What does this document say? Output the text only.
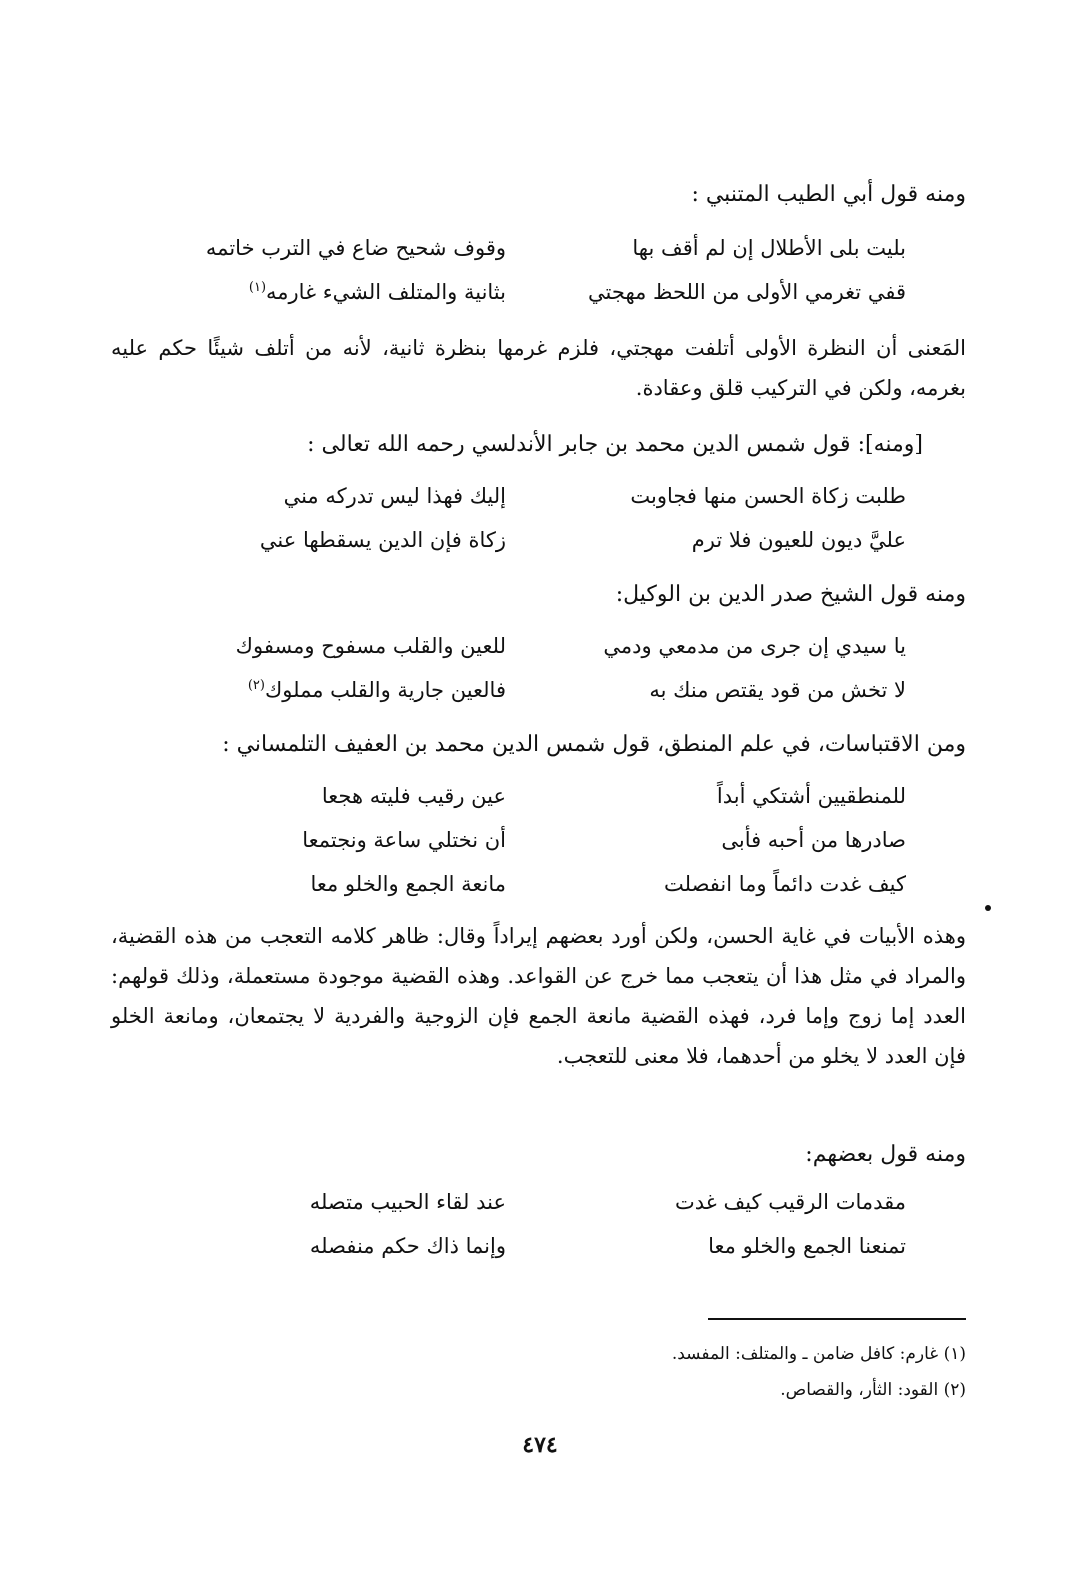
ومنه قول أبي الطيب المتنبي :
بليت بلى الأطلال إن لم أقف بها
وقوف شحيح ضاع في الترب خاتمه
قفي تغرمي الأولى من اللحظ مهجتي
بثانية والمتلف الشيء غارمه$^{(١)}$
المَعنى أن النظرة الأولى أتلفت مهجتي، فلزم غرمها بنظرة ثانية، لأنه من أتلف شيئًا حكم عليه بغرمه، ولكن في التركيب قلق وعقادة.
[ومنه]: قول شمس الدين محمد بن جابر الأندلسي رحمه الله تعالى :
طلبت زكاة الحسن منها فجاوبت
إليك فهذا ليس تدركه مني
عليَّ ديون للعيون فلا ترم
زكاة فإن الدين يسقطها عني
ومنه قول الشيخ صدر الدين بن الوكيل:
يا سيدي إن جرى من مدمعي ودمي
للعين والقلب مسفوح ومسفوك
لا تخش من قود يقتص منك به
فالعين جارية والقلب مملوك$^{(٢)}$
ومن الاقتباسات، في علم المنطق، قول شمس الدين محمد بن العفيف التلمساني :
للمنطقيين أشتكي أبداً
عين رقيب فليته هجعا
صادرها من أحبه فأبى
أن نختلي ساعة ونجتمعا
كيف غدت دائماً وما انفصلت
مانعة الجمع والخلو معا
وهذه الأبيات في غاية الحسن، ولكن أورد بعضهم إيراداً وقال: ظاهر كلامه التعجب من هذه القضية، والمراد في مثل هذا أن يتعجب مما خرج عن القواعد. وهذه القضية موجودة مستعملة، وذلك قولهم: العدد إما زوج وإما فرد، فهذه القضية مانعة الجمع فإن الزوجية والفردية لا يجتمعان، ومانعة الخلو فإن العدد لا يخلو من أحدهما، فلا معنى للتعجب.
ومنه قول بعضهم:
مقدمات الرقيب كيف غدت
عند لقاء الحبيب متصله
تمنعنا الجمع والخلو معا
وإنما ذاك حكم منفصله
(١) غارم: كافل ضامن ـ والمتلف: المفسد.
(٢) القود: الثأر، والقصاص.
٤٧٤
